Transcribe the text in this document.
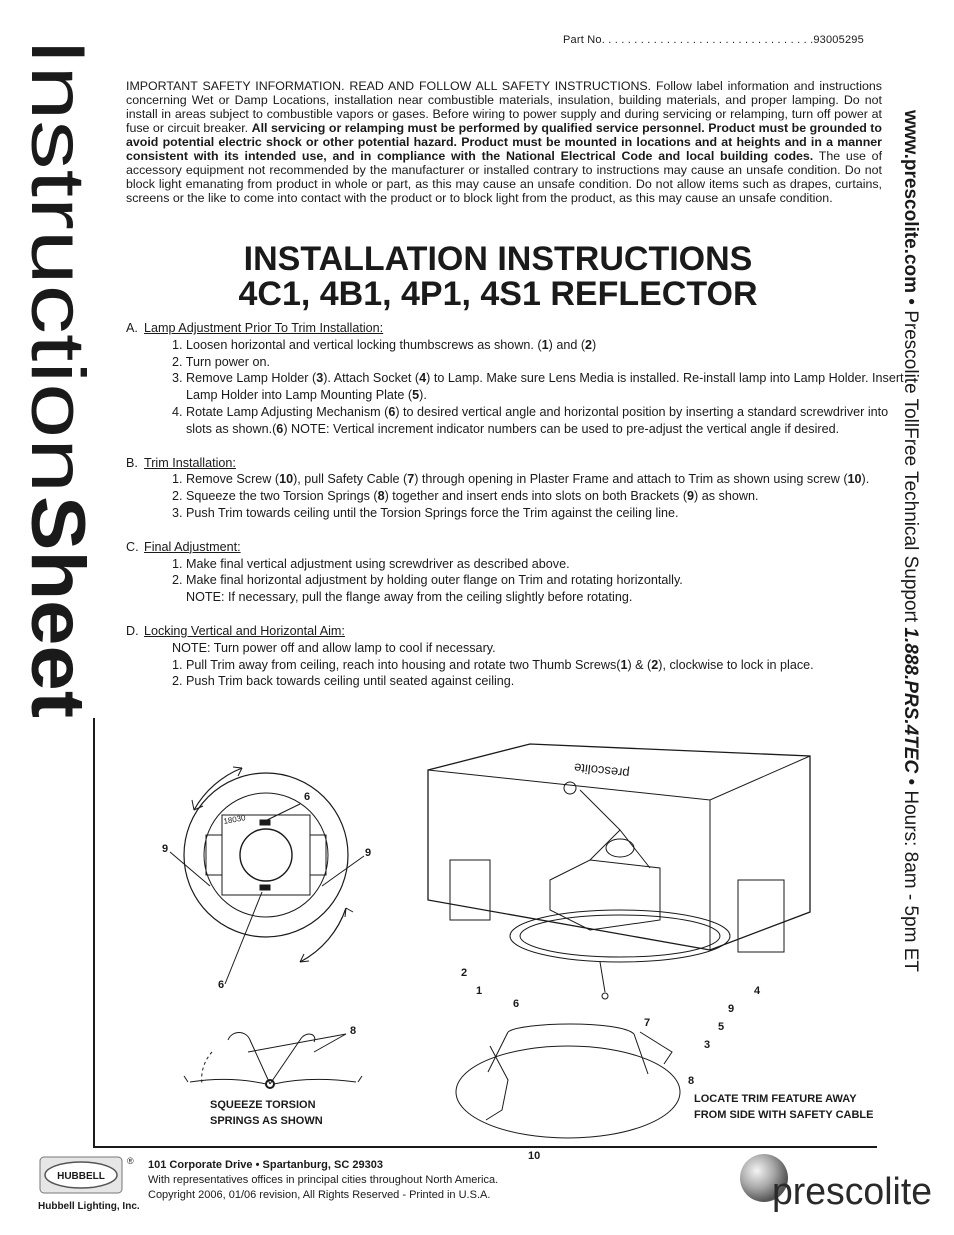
Part No. . . . . . . . . . . . . . . . . . . . . . . . . . . . . . . . .93005295
Instruction
Sheet
IMPORTANT SAFETY INFORMATION. READ AND FOLLOW ALL SAFETY INSTRUCTIONS. Follow label information and instructions concerning Wet or Damp Locations, installation near combustible materials, insulation, building materials, and proper lamping. Do not install in areas subject to combustible vapors or gases. Before wiring to power supply and during servicing or relamping, turn off power at fuse or circuit breaker. All servicing or relamping must be performed by qualified service personnel. Product must be grounded to avoid potential electric shock or other potential hazard. Product must be mounted in locations and at heights and in a manner consistent with its intended use, and in compliance with the National Electrical Code and local building codes. The use of accessory equipment not recommended by the manufacturer or installed contrary to instructions may cause an unsafe condition. Do not block light emanating from product in whole or part, as this may cause an unsafe condition. Do not allow items such as drapes, curtains, screens or the like to come into contact with the product or to block light from the product, as this may cause an unsafe condition.
INSTALLATION INSTRUCTIONS
4C1, 4B1, 4P1, 4S1 REFLECTOR
A. Lamp Adjustment Prior To Trim Installation:
1. Loosen horizontal and vertical locking thumbscrews as shown. (1) and (2)
2. Turn power on.
3. Remove Lamp Holder (3). Attach Socket (4) to Lamp. Make sure Lens Media is installed. Re-install lamp into Lamp Holder. Insert Lamp Holder into Lamp Mounting Plate (5).
4. Rotate Lamp Adjusting Mechanism (6) to desired vertical angle and horizontal position by inserting a standard screwdriver into slots as shown.(6) NOTE: Vertical increment indicator numbers can be used to pre-adjust the vertical angle if desired.
B. Trim Installation:
1. Remove Screw (10), pull Safety Cable (7) through opening in Plaster Frame and attach to Trim as shown using screw (10).
2. Squeeze the two Torsion Springs (8) together and insert ends into slots on both Brackets (9) as shown.
3. Push Trim towards ceiling until the Torsion Springs force the Trim against the ceiling line.
C. Final Adjustment:
1. Make final vertical adjustment using screwdriver as described above.
2. Make final horizontal adjustment by holding outer flange on Trim and rotating horizontally.
NOTE: If necessary, pull the flange away from the ceiling slightly before rotating.
D. Locking Vertical and Horizontal Aim:
NOTE: Turn power off and allow lamp to cool if necessary.
1. Pull Trim away from ceiling, reach into housing and rotate two Thumb Screws(1) & (2), clockwise to lock in place.
2. Push Trim back towards ceiling until seated against ceiling.
www.prescolite.com • Prescolite TollFree Technical Support 1.888.PRS.4TEC • Hours: 8am - 5pm ET
18030
prescolite
6
9	9
6
8
2
1
6
7	5
3
9
4
8
10
SQUEEZE TORSION
SPRINGS AS SHOWN
LOCATE TRIM FEATURE AWAY
FROM SIDE WITH SAFETY CABLE
HUBBELL
®
Hubbell Lighting, Inc.
101 Corporate Drive • Spartanburg, SC 29303
With representatives offices in principal cities throughout North America.
Copyright 2006, 01/06 revision, All Rights Reserved - Printed in U.S.A.	prescolite
